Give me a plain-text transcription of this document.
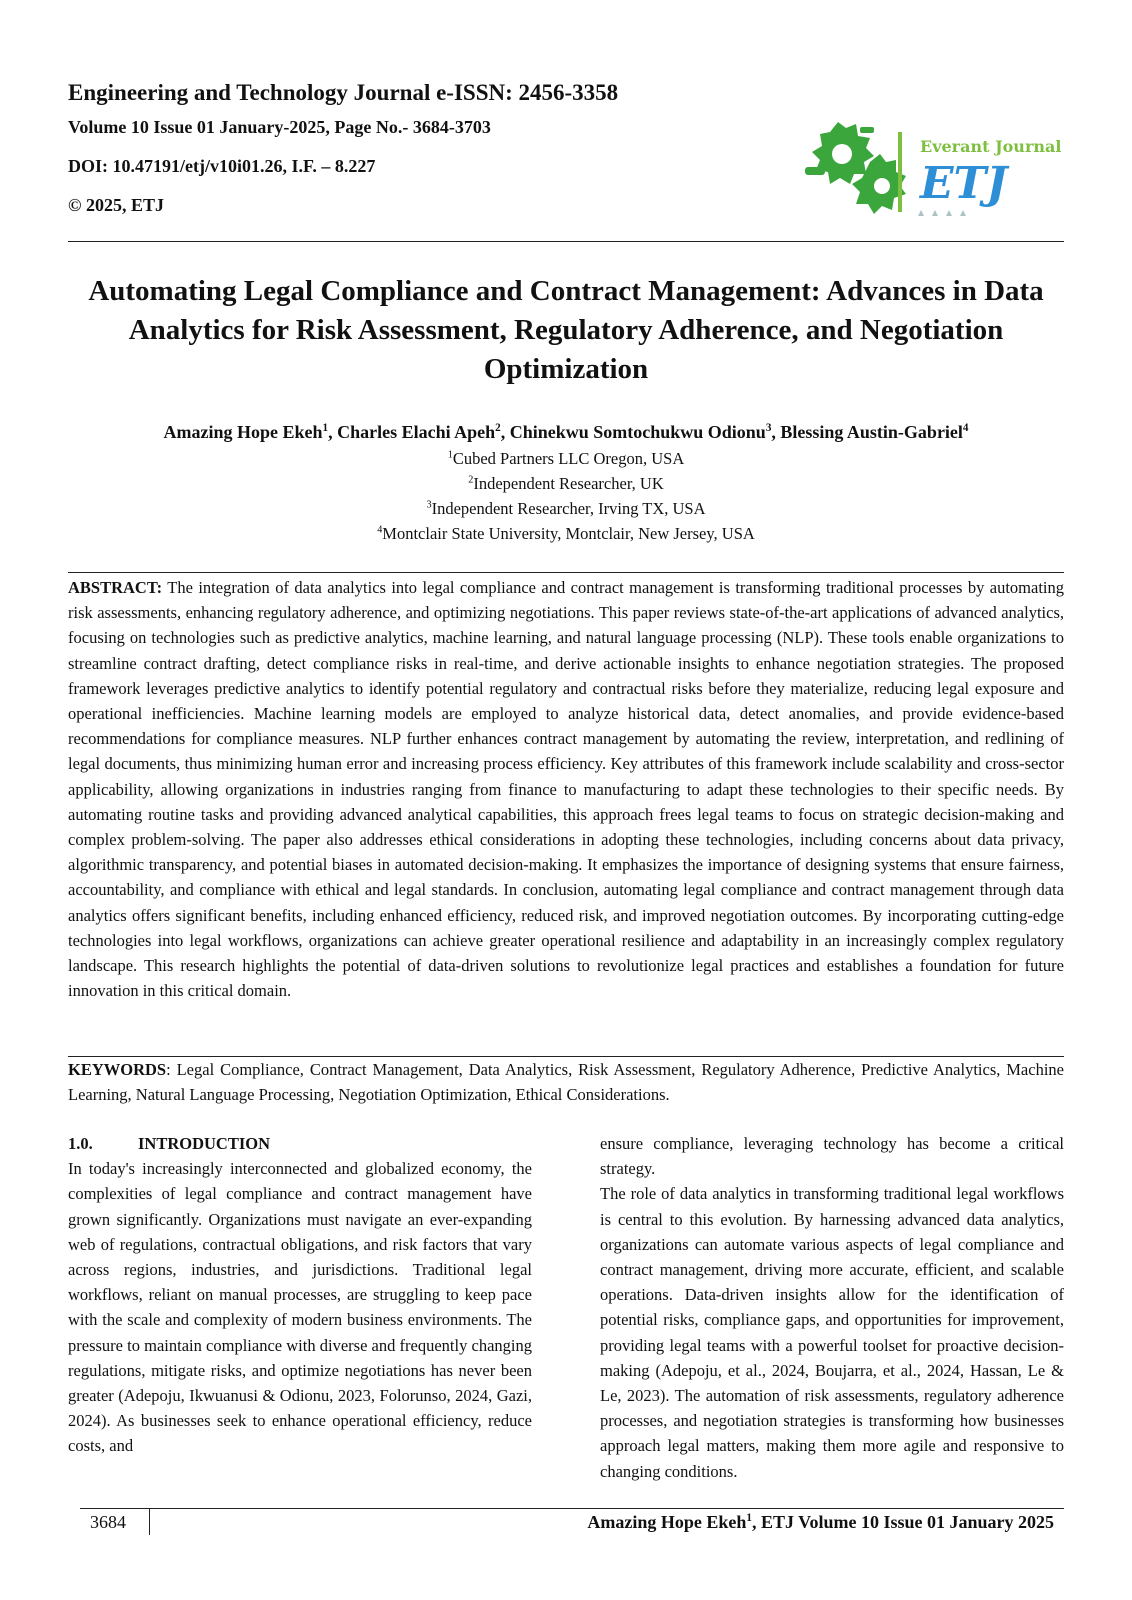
Engineering and Technology Journal e-ISSN: 2456-3358
Volume 10 Issue 01 January-2025, Page No.- 3684-3703
DOI: 10.47191/etj/v10i01.26, I.F. – 8.227
© 2025, ETJ
Everant Journal
ETJ
Automating Legal Compliance and Contract Management: Advances in Data Analytics for Risk Assessment, Regulatory Adherence, and Negotiation Optimization
Amazing Hope Ekeh$^1$, Charles Elachi Apeh$^2$, Chinekwu Somtochukwu Odionu$^3$, Blessing Austin-Gabriel$^4$
$^1$Cubed Partners LLC Oregon, USA
$^2$Independent Researcher, UK
$^3$Independent Researcher, Irving TX, USA
$^4$Montclair State University, Montclair, New Jersey, USA
ABSTRACT: The integration of data analytics into legal compliance and contract management is transforming traditional processes by automating risk assessments, enhancing regulatory adherence, and optimizing negotiations. This paper reviews state-of-the-art applications of advanced analytics, focusing on technologies such as predictive analytics, machine learning, and natural language processing (NLP). These tools enable organizations to streamline contract drafting, detect compliance risks in real-time, and derive actionable insights to enhance negotiation strategies. The proposed framework leverages predictive analytics to identify potential regulatory and contractual risks before they materialize, reducing legal exposure and operational inefficiencies. Machine learning models are employed to analyze historical data, detect anomalies, and provide evidence-based recommendations for compliance measures. NLP further enhances contract management by automating the review, interpretation, and redlining of legal documents, thus minimizing human error and increasing process efficiency. Key attributes of this framework include scalability and cross-sector applicability, allowing organizations in industries ranging from finance to manufacturing to adapt these technologies to their specific needs. By automating routine tasks and providing advanced analytical capabilities, this approach frees legal teams to focus on strategic decision-making and complex problem-solving. The paper also addresses ethical considerations in adopting these technologies, including concerns about data privacy, algorithmic transparency, and potential biases in automated decision-making. It emphasizes the importance of designing systems that ensure fairness, accountability, and compliance with ethical and legal standards. In conclusion, automating legal compliance and contract management through data analytics offers significant benefits, including enhanced efficiency, reduced risk, and improved negotiation outcomes. By incorporating cutting-edge technologies into legal workflows, organizations can achieve greater operational resilience and adaptability in an increasingly complex regulatory landscape. This research highlights the potential of data-driven solutions to revolutionize legal practices and establishes a foundation for future innovation in this critical domain.
KEYWORDS: Legal Compliance, Contract Management, Data Analytics, Risk Assessment, Regulatory Adherence, Predictive Analytics, Machine Learning, Natural Language Processing, Negotiation Optimization, Ethical Considerations.
1.0.	INTRODUCTION

In today's increasingly interconnected and globalized economy, the complexities of legal compliance and contract management have grown significantly. Organizations must navigate an ever-expanding web of regulations, contractual obligations, and risk factors that vary across regions, industries, and jurisdictions. Traditional legal workflows, reliant on manual processes, are struggling to keep pace with the scale and complexity of modern business environments. The pressure to maintain compliance with diverse and frequently changing regulations, mitigate risks, and optimize negotiations has never been greater (Adepoju, Ikwuanusi & Odionu, 2023, Folorunso, 2024, Gazi, 2024). As businesses seek to enhance operational efficiency, reduce costs, and

ensure compliance, leveraging technology has become a critical strategy.

The role of data analytics in transforming traditional legal workflows is central to this evolution. By harnessing advanced data analytics, organizations can automate various aspects of legal compliance and contract management, driving more accurate, efficient, and scalable operations. Data-driven insights allow for the identification of potential risks, compliance gaps, and opportunities for improvement, providing legal teams with a powerful toolset for proactive decision-making (Adepoju, et al., 2024, Boujarra, et al., 2024, Hassan, Le & Le, 2023). The automation of risk assessments, regulatory adherence processes, and negotiation strategies is transforming how businesses approach legal matters, making them more agile and responsive to changing conditions.

3684	Amazing Hope Ekeh$^1$, ETJ Volume 10 Issue 01 January 2025
